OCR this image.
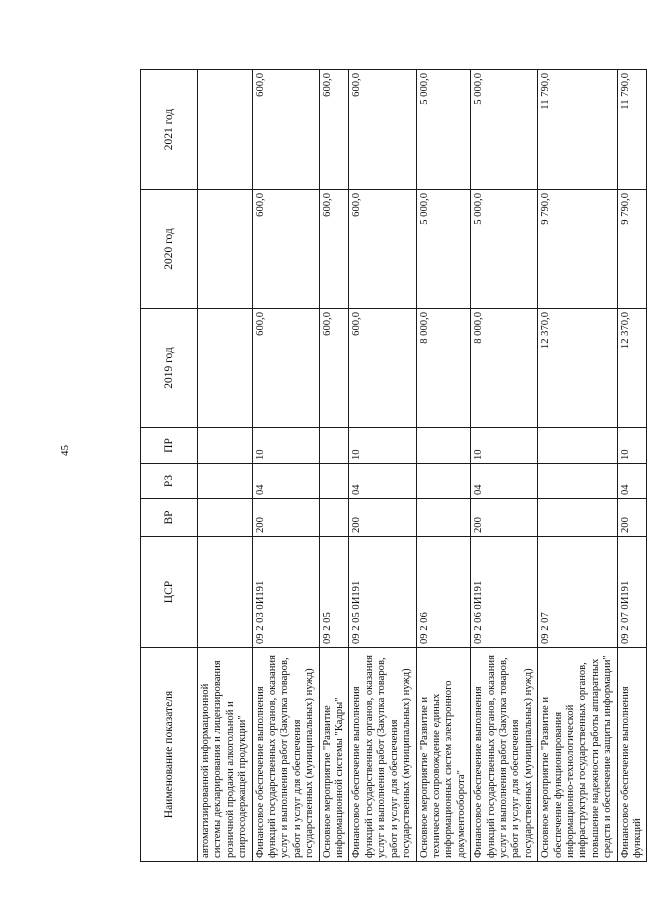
45
Наименование показателя	ЦСР	ВР	РЗ	ПР	2019 год	2020 год	2021 год
автоматизированной информационной системы декларирования и лицензирования розничной продажи алкогольной и спиртосодержащей продукции"							
Финансовое обеспечение выполнения функций государственных органов, оказания услуг и выполнения работ (Закупка товаров, работ и услуг для обеспечения государственных (муниципальных) нужд)	09 2 03 0И191	200	04	10	600,0	600,0	600,0
Основное мероприятие "Развитие информационной системы "Кадры"	09 2 05				600,0	600,0	600,0
Финансовое обеспечение выполнения функций государственных органов, оказания услуг и выполнения работ (Закупка товаров, работ и услуг для обеспечения государственных (муниципальных) нужд)	09 2 05 0И191	200	04	10	600,0	600,0	600,0
Основное мероприятие "Развитие и техническое сопровождение единых информационных систем электронного документооборота"	09 2 06				8 000,0	5 000,0	5 000,0
Финансовое обеспечение выполнения функций государственных органов, оказания услуг и выполнения работ (Закупка товаров, работ и услуг для обеспечения государственных (муниципальных) нужд)	09 2 06 0И191	200	04	10	8 000,0	5 000,0	5 000,0
Основное мероприятие "Развитие и обеспечение функционирования информационно-технологической инфраструктуры государственных органов, повышение надежности работы аппаратных средств и обеспечение защиты информации"	09 2 07				12 370,0	9 790,0	11 790,0
Финансовое обеспечение выполнения функций	09 2 07 0И191	200	04	10	12 370,0	9 790,0	11 790,0
